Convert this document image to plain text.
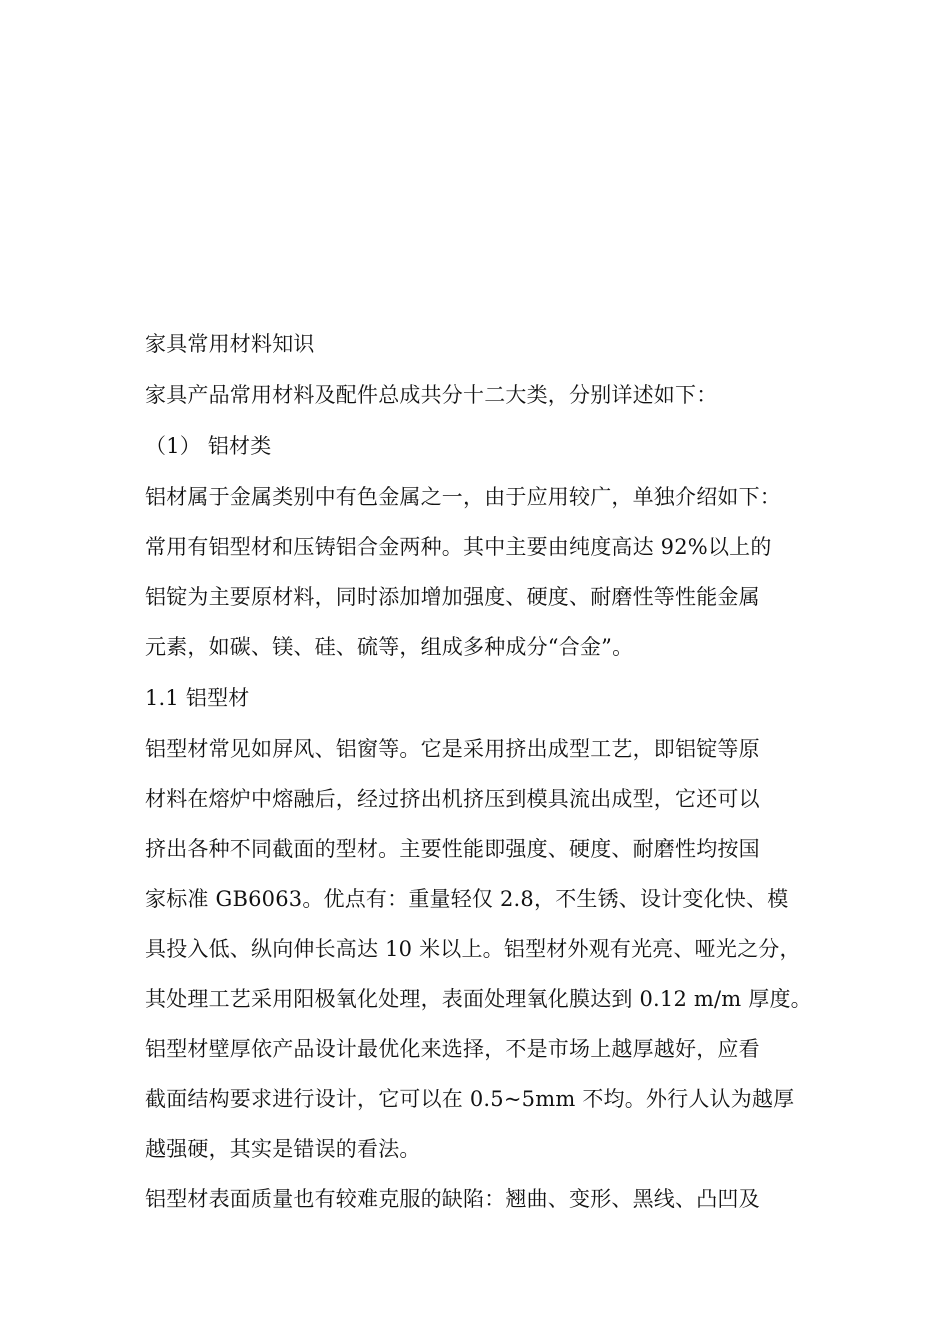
家具常用材料知识
家具产品常用材料及配件总成共分十二大类，分别详述如下：
（1） 铝材类
铝材属于金属类别中有色金属之一，由于应用较广，单独介绍如下：
常用有铝型材和压铸铝合金两种。其中主要由纯度高达 92%以上的
铝锭为主要原材料，同时添加增加强度、硬度、耐磨性等性能金属
元素，如碳、镁、硅、硫等，组成多种成分“合金”。
1.1 铝型材
铝型材常见如屏风、铝窗等。它是采用挤出成型工艺，即铝锭等原
材料在熔炉中熔融后，经过挤出机挤压到模具流出成型，它还可以
挤出各种不同截面的型材。主要性能即强度、硬度、耐磨性均按国
家标准 GB6063。优点有：重量轻仅 2.8，不生锈、设计变化快、模
具投入低、纵向伸长高达 10 米以上。铝型材外观有光亮、哑光之分，
其处理工艺采用阳极氧化处理，表面处理氧化膜达到 0.12 m/m 厚度。
铝型材壁厚依产品设计最优化来选择，不是市场上越厚越好，应看
截面结构要求进行设计，它可以在 0.5~5mm 不均。外行人认为越厚
越强硬，其实是错误的看法。
铝型材表面质量也有较难克服的缺陷：翘曲、变形、黑线、凸凹及
